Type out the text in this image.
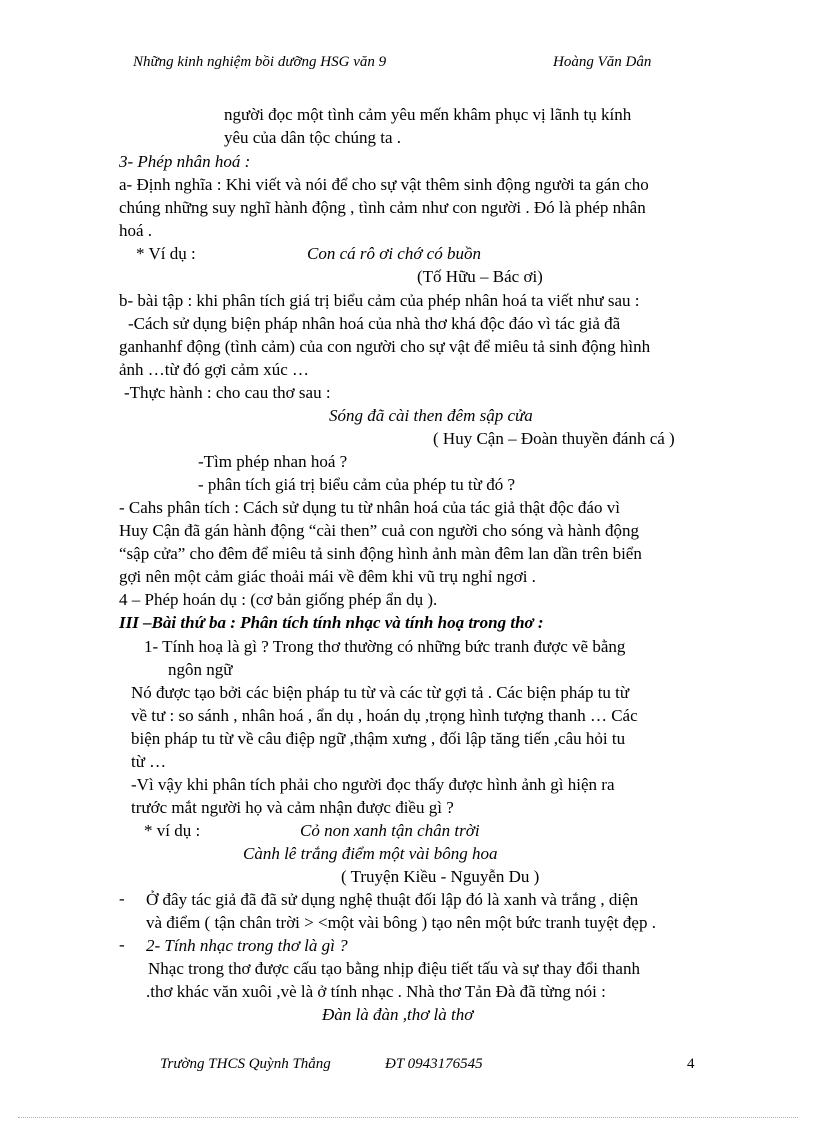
Những kinh nghiệm bồi dưỡng HSG văn 9	Hoàng Văn Dân
người đọc một tình cảm yêu mến khâm phục vị lãnh tụ kính
yêu của dân tộc chúng ta .
3- Phép nhân hoá :
a- Định nghĩa : Khi viết và nói để cho sự vật thêm sinh động người ta gán cho
chúng những suy nghĩ hành động , tình cảm như con người . Đó là phép nhân
hoá .
* Ví dụ :	Con cá rô ơi chớ có buồn
(Tố Hữu – Bác ơi)
b- bài tập : khi phân tích giá trị biểu cảm của phép nhân hoá ta viết như sau :
-Cách sử dụng biện pháp nhân hoá của nhà thơ khá độc đáo vì tác giả đã
ganhanhf động (tình cảm) của con người cho sự vật để miêu tả sinh động hình
ảnh …từ đó gợi cảm xúc …
-Thực hành : cho cau thơ sau :
Sóng đã cài then đêm sập cửa
( Huy Cận – Đoàn thuyền đánh cá )
-Tìm phép nhan hoá ?
- phân tích giá trị biểu cảm của phép tu từ đó ?
- Cahs phân tích : Cách sử dụng tu từ nhân hoá của tác giả thật độc đáo vì
Huy Cận đã gán hành động “cài then” cuả con người cho sóng và hành động
“sập cửa” cho đêm để miêu tả sinh động hình ảnh màn đêm lan dần trên biển
gợi nên một cảm giác thoải mái về đêm khi vũ trụ nghỉ ngơi .
4 – Phép hoán dụ : (cơ bản giống phép ẩn dụ ).
III –Bài thứ ba : Phân tích tính nhạc và tính hoạ trong thơ :
1- Tính hoạ là gì ? Trong thơ thường có những bức tranh được vẽ bằng
ngôn ngữ
Nó được tạo bởi các biện pháp tu từ và các từ gợi tả . Các biện pháp tu từ
về tư : so sánh , nhân hoá , ẩn dụ , hoán dụ ,trọng hình tượng thanh … Các
biện pháp tu từ về câu điệp ngữ ,thậm xưng , đối lập tăng tiến ,câu hỏi tu
từ …
-Vì vậy khi phân tích phải cho người đọc thấy được hình ảnh gì hiện ra
trước mắt người họ và cảm nhận được điều gì ?
* ví dụ :	Cỏ non xanh tận chân trời
Cành lê trắng điểm một vài bông hoa
( Truyện Kiều - Nguyễn Du )
- Ở đây tác giả đã đã sử dụng nghệ thuật đối lập đó là xanh và trắng , diện
và điểm ( tận chân trời > <một vài bông ) tạo nên một bức tranh tuyệt đẹp .
- 2- Tính nhạc trong thơ là gì ?
Nhạc trong thơ được cấu tạo bằng nhịp điệu tiết tấu và sự thay đổi thanh
.thơ khác văn xuôi ,vè là ở tính nhạc . Nhà thơ Tản Đà đã từng nói :
Đàn là đàn ,thơ là thơ
Trường THCS Quỳnh Thắng	ĐT 0943176545	4
